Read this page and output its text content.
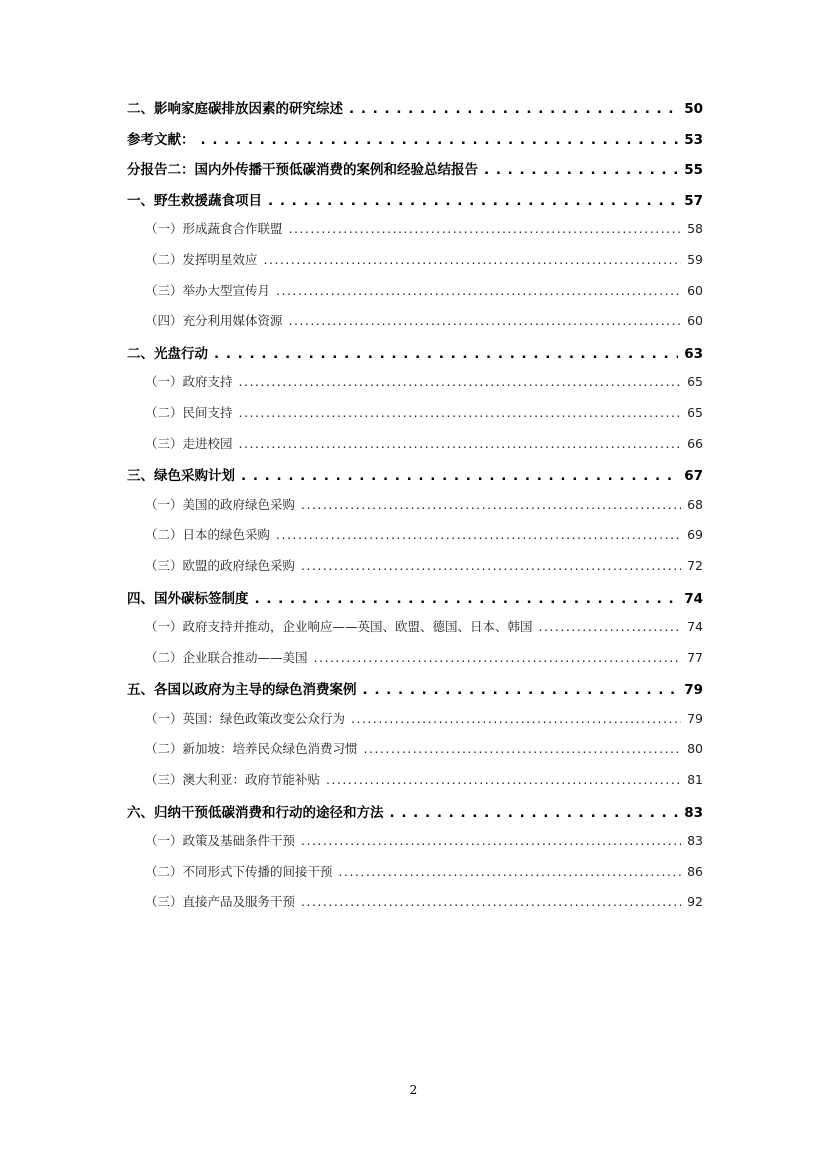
二、影响家庭碳排放因素的研究综述 . . .	50
参考文献： . . .	53
分报告二：国内外传播干预低碳消费的案例和经验总结报告 . . .	55
一、野生救援蔬食项目 . . .	57
（一）形成蔬食合作联盟 .....	58
（二）发挥明星效应 .....	59
（三）举办大型宣传月 .....	60
（四）充分利用媒体资源 .....	60
二、光盘行动 . . .	63
（一）政府支持 .....	65
（二）民间支持 .....	65
（三）走进校园 .....	66
三、绿色采购计划 . . .	67
（一）美国的政府绿色采购 .....	68
（二）日本的绿色采购 .....	69
（三）欧盟的政府绿色采购 .....	72
四、国外碳标签制度 . . .	74
（一）政府支持并推动，企业响应——英国、欧盟、德国、日本、韩国 .....	74
（二）企业联合推动——美国 .....	77
五、各国以政府为主导的绿色消费案例 . . .	79
（一）英国：绿色政策改变公众行为 .....	79
（二）新加坡：培养民众绿色消费习惯 .....	80
（三）澳大利亚：政府节能补贴 .....	81
六、归纳干预低碳消费和行动的途径和方法 . . .	83
（一）政策及基础条件干预 .....	83
（二）不同形式下传播的间接干预 .....	86
（三）直接产品及服务干预 .....	92
2
